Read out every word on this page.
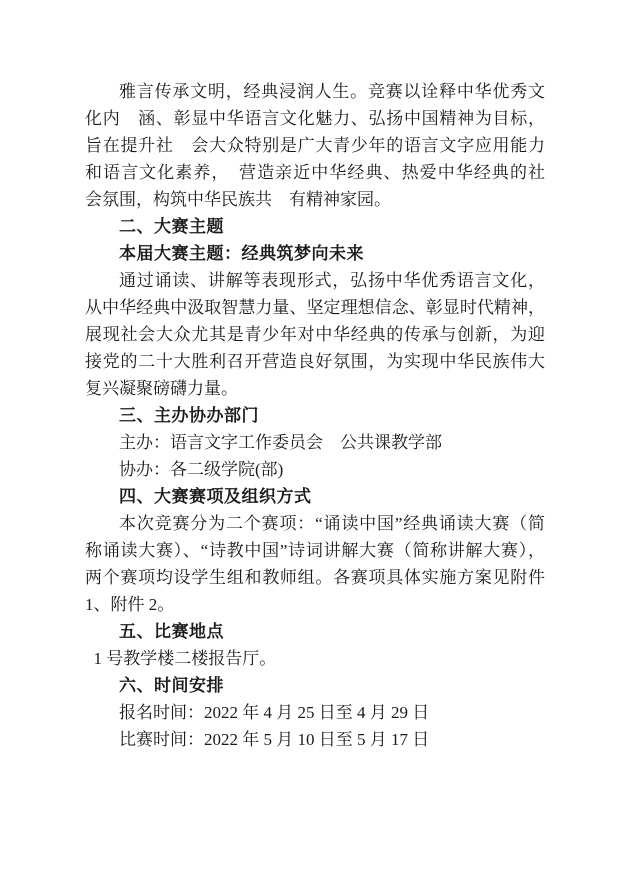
雅言传承文明，经典浸润人生。竞赛以诠释中华优秀文
化内　涵、彰显中华语言文化魅力、弘扬中国精神为目标，
旨在提升社　会大众特别是广大青少年的语言文字应用能力
和语言文化素养，　营造亲近中华经典、热爱中华经典的社
会氛围，构筑中华民族共　有精神家园。
二、大赛主题
本届大赛主题：经典筑梦向未来
通过诵读、讲解等表现形式，弘扬中华优秀语言文化，
从中华经典中汲取智慧力量、坚定理想信念、彰显时代精神，
展现社会大众尤其是青少年对中华经典的传承与创新，为迎
接党的二十大胜利召开营造良好氛围，为实现中华民族伟大
复兴凝聚磅礴力量。
三、主办协办部门
主办：语言文字工作委员会　公共课教学部
协办：各二级学院(部)
四、大赛赛项及组织方式
本次竞赛分为二个赛项：“诵读中国”经典诵读大赛（简
称诵读大赛）、“诗教中国”诗词讲解大赛（简称讲解大赛），
两个赛项均设学生组和教师组。各赛项具体实施方案见附件
1、附件 2。
五、比赛地点
1 号教学楼二楼报告厅。
六、时间安排
报名时间：2022 年 4 月 25 日至 4 月 29 日
比赛时间：2022 年 5 月 10 日至 5 月 17 日
